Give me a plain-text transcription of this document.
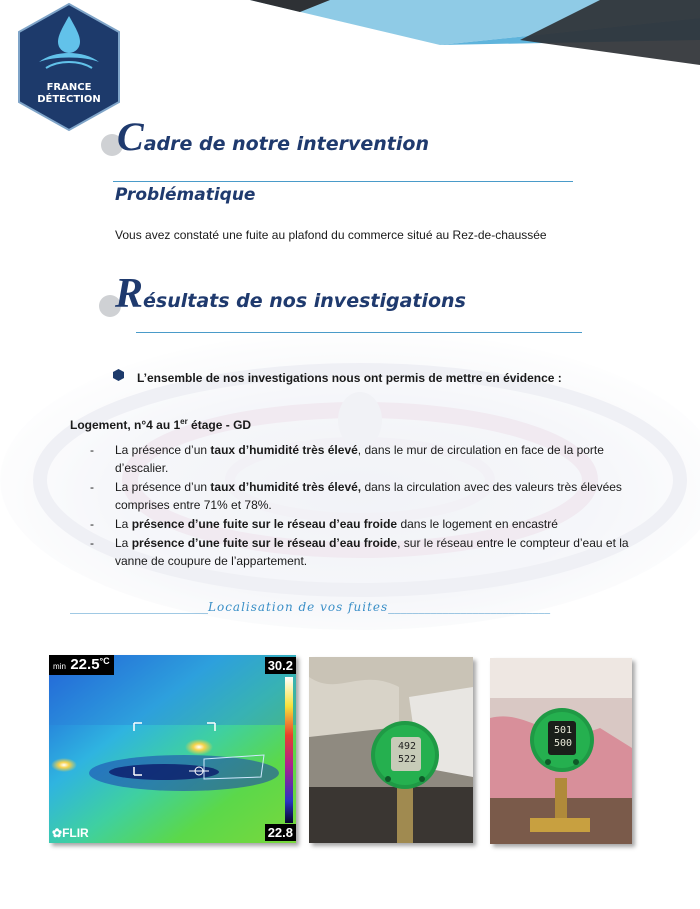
FRANCE
DÉTECTION
Cadre de notre intervention
Problématique
Vous avez constaté une fuite au plafond du commerce situé au Rez-de-chaussée
Résultats de nos investigations
L’ensemble de nos investigations nous ont permis de mettre en évidence :
Logement, n°4 au 1er étage - GD
- La présence d’un taux d’humidité très élevé, dans le mur de circulation en face de la porte d’escalier.
- La présence d’un taux d’humidité très élevé, dans la circulation avec des valeurs très élevées comprises entre 71% et 78%.
- La présence d’une fuite sur le réseau d’eau froide dans le logement en encastré
- La présence d’une fuite sur le réseau d’eau froide, sur le réseau entre le compteur d’eau et la vanne de coupure de l’appartement.
_______________________Localisation de vos fuites___________________________
$\min 22.5^{^\circ C}$	30.2
22.8
✿FLIR
492
522
501
500
